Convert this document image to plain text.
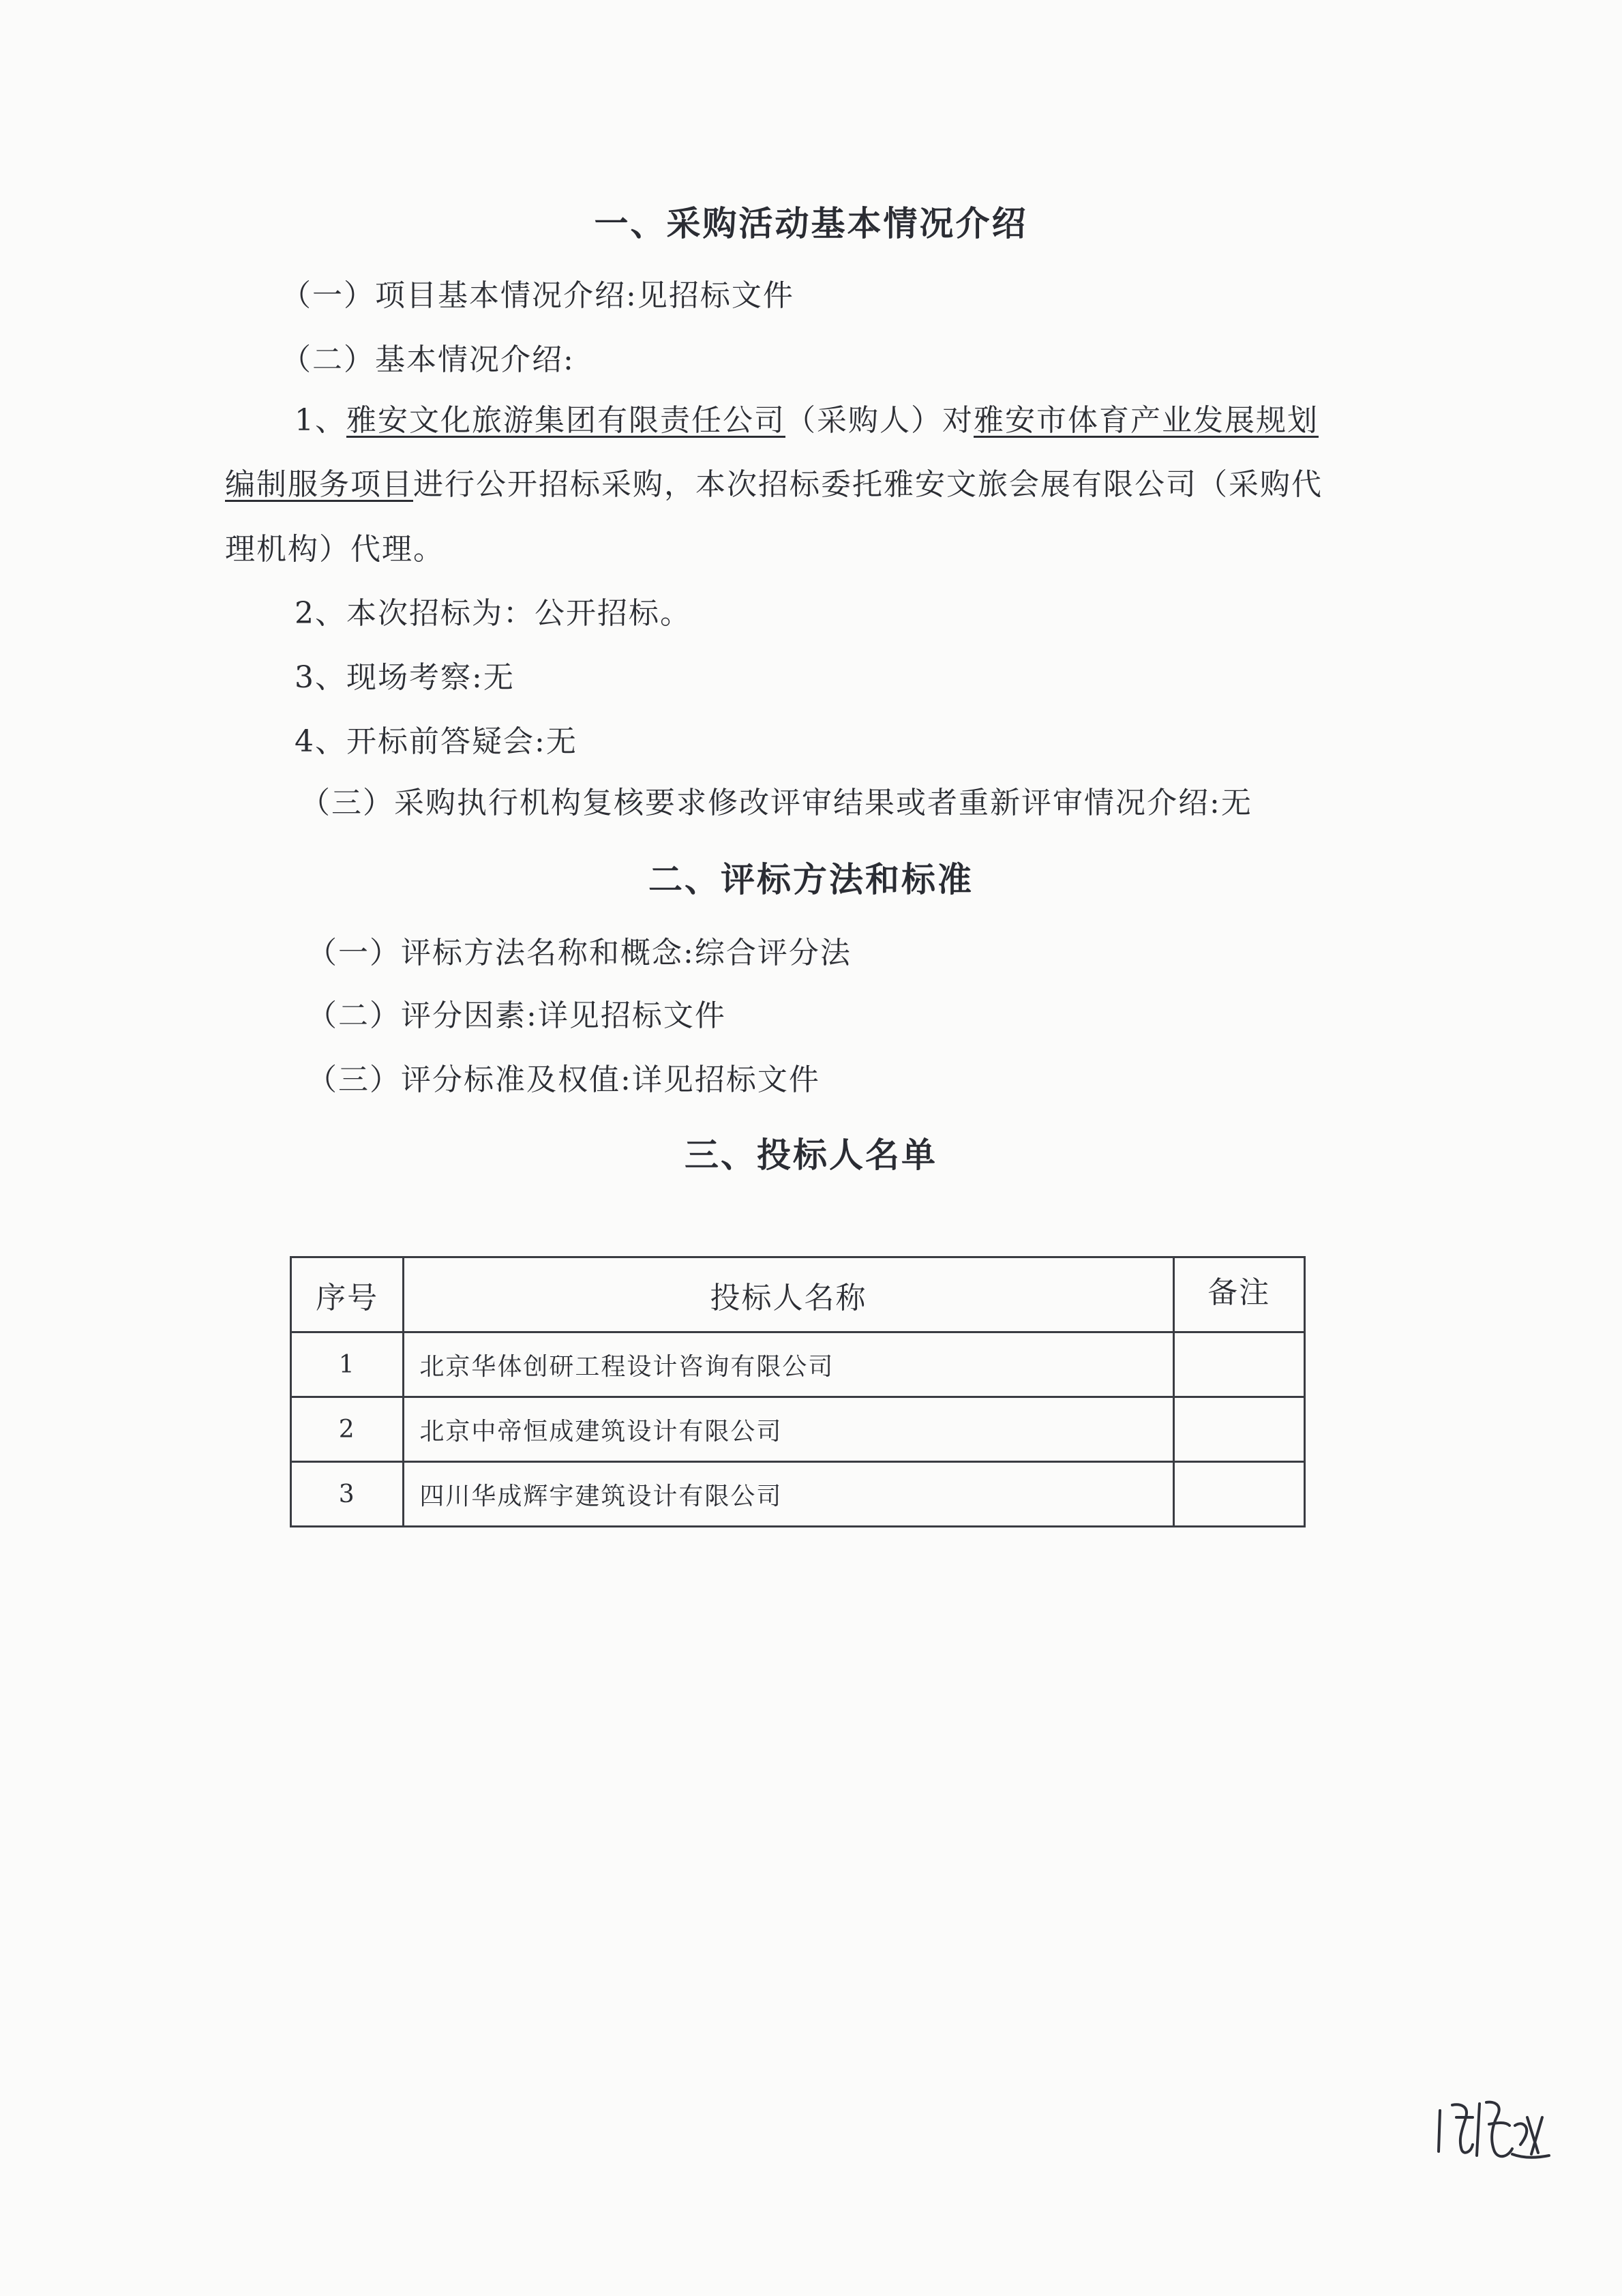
一、采购活动基本情况介绍
（一）项目基本情况介绍:见招标文件
（二）基本情况介绍:
1、雅安文化旅游集团有限责任公司（采购人）对雅安市体育产业发展规划
编制服务项目进行公开招标采购，本次招标委托雅安文旅会展有限公司（采购代
理机构）代理。
2、本次招标为：公开招标。
3、现场考察:无
4、开标前答疑会:无
（三）采购执行机构复核要求修改评审结果或者重新评审情况介绍:无
二、评标方法和标准
（一）评标方法名称和概念:综合评分法
（二）评分因素:详见招标文件
（三）评分标准及权值:详见招标文件
三、投标人名单
序号	投标人名称	备注
1	北京华体创研工程设计咨询有限公司	
2	北京中帝恒成建筑设计有限公司	
3	四川华成辉宇建筑设计有限公司	
